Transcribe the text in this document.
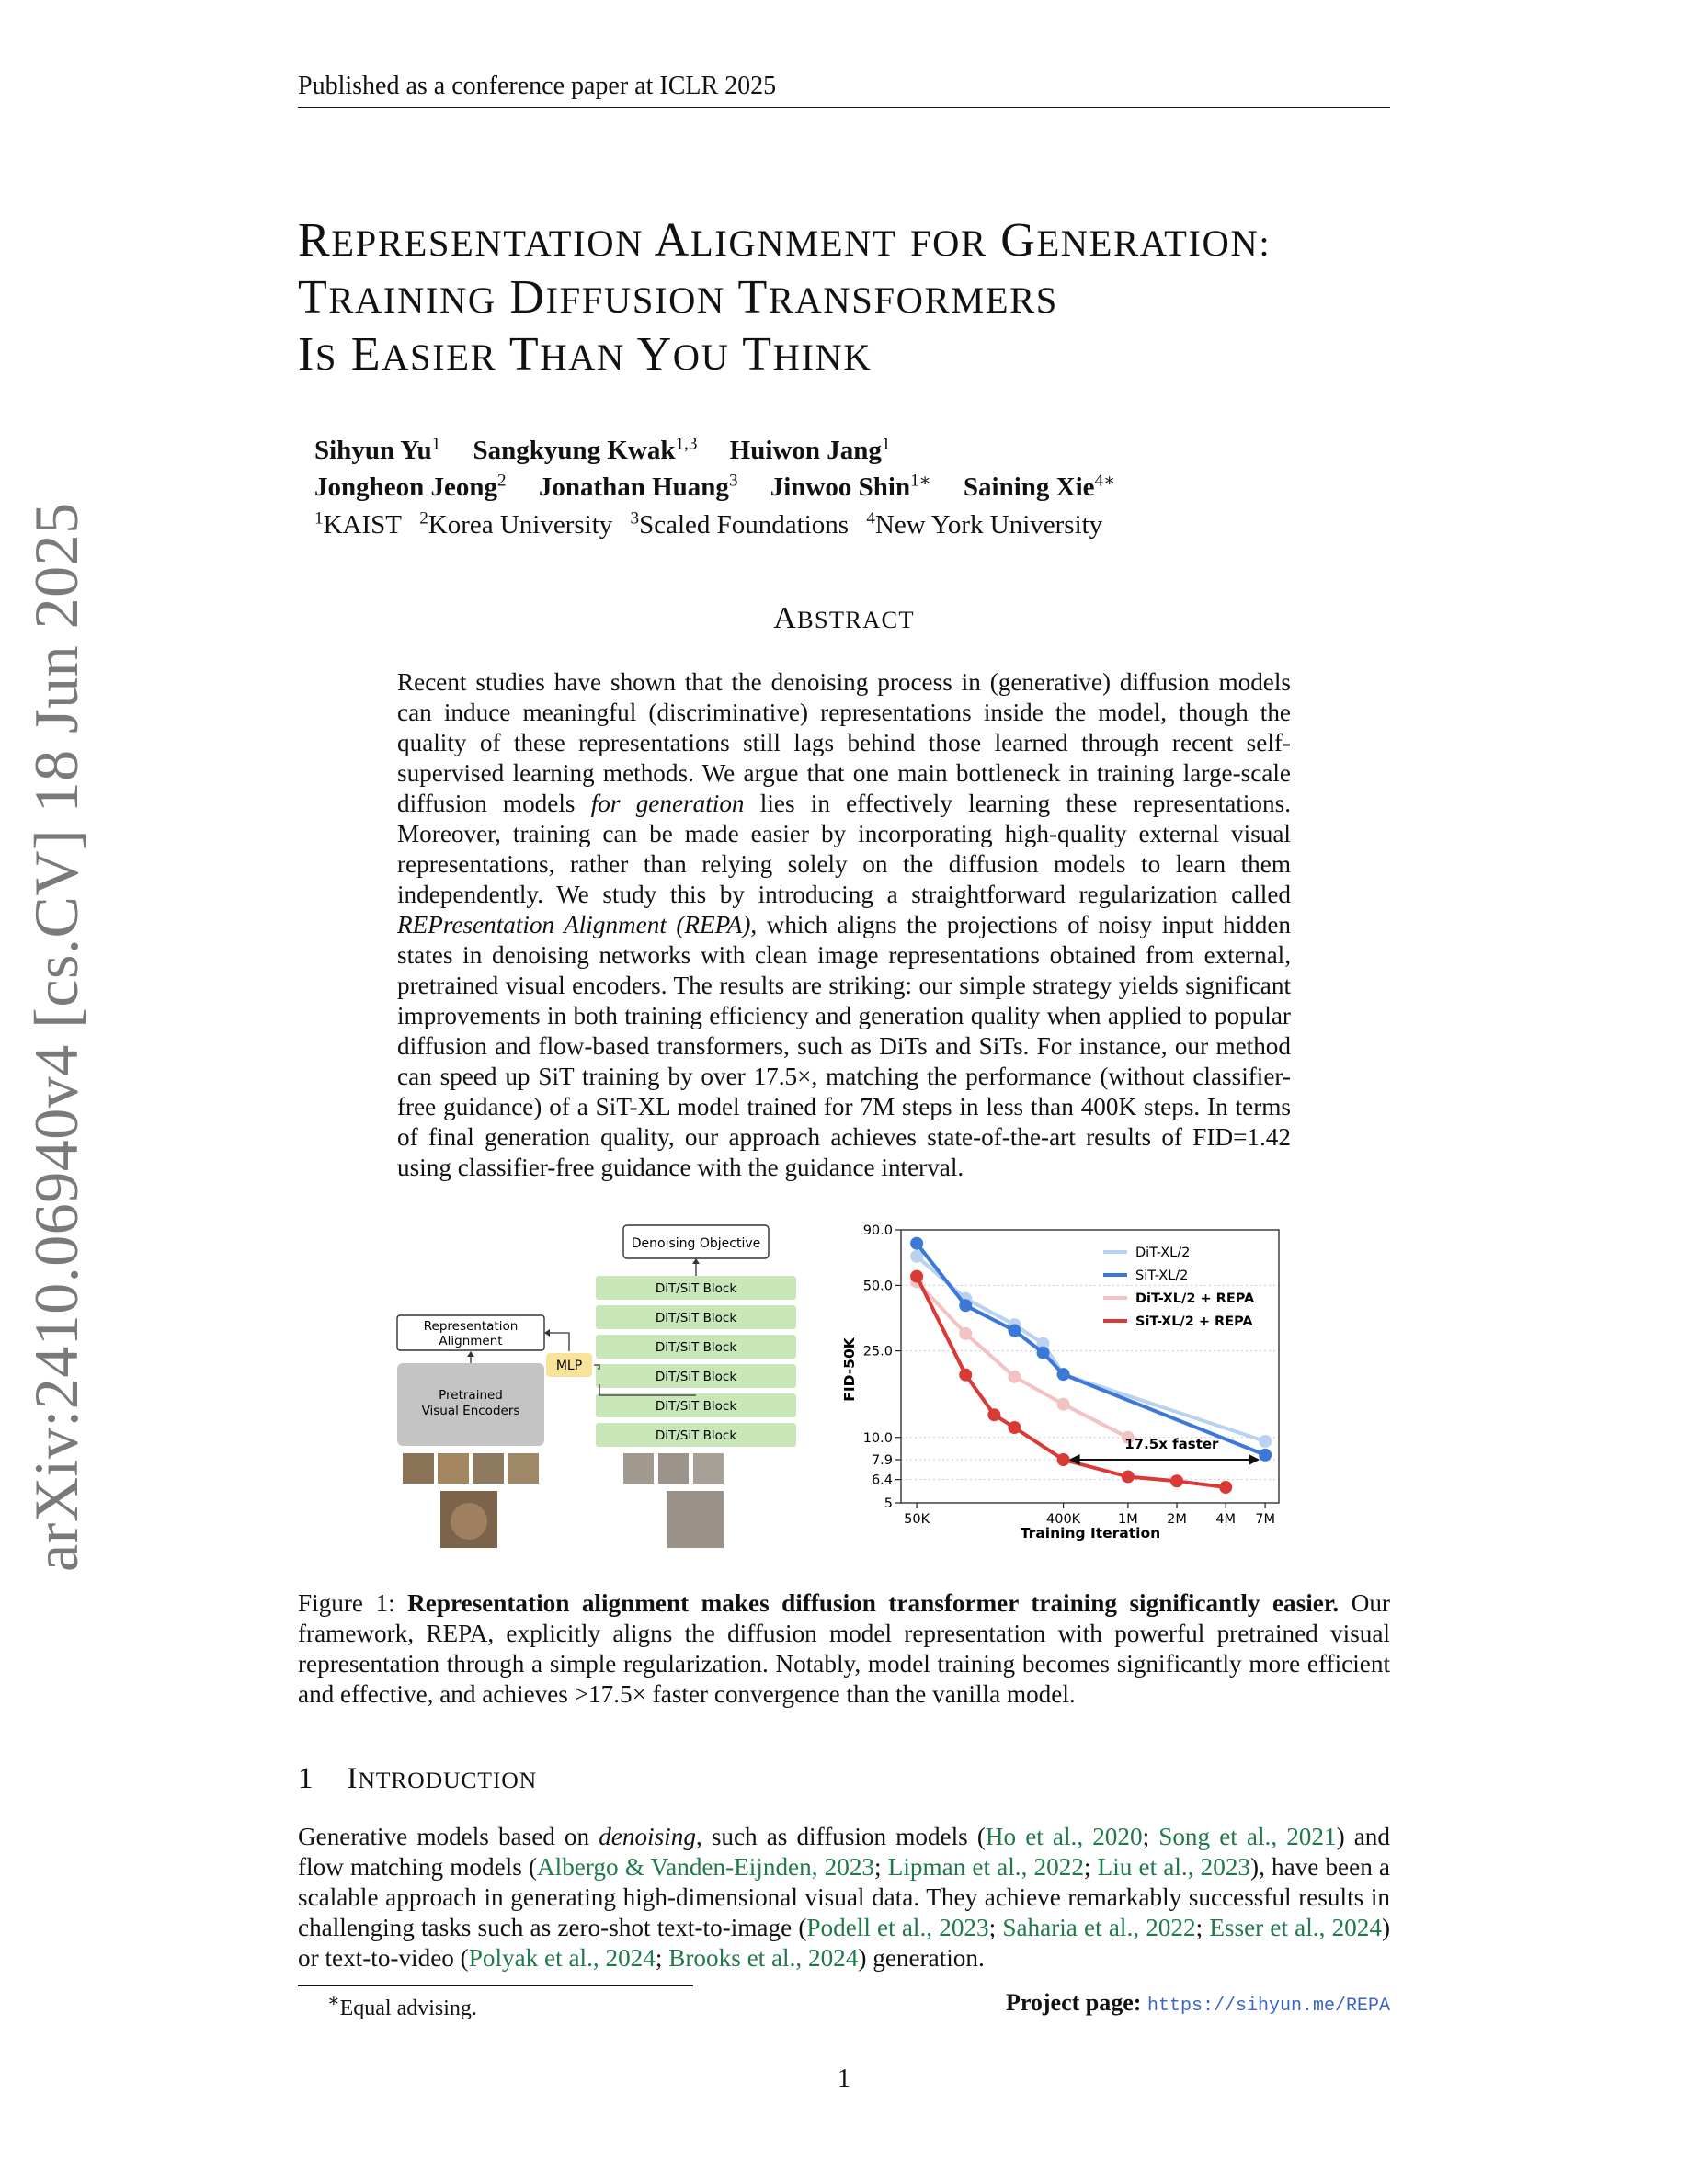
Published as a conference paper at ICLR 2025
arXiv:2410.06940v4 [cs.CV] 18 Jun 2025
REPRESENTATION ALIGNMENT FOR GENERATION:
TRAINING DIFFUSION TRANSFORMERS
IS EASIER THAN YOU THINK
Sihyun Yu$^1$ Sangkyung Kwak$^{1,3}$ Huiwon Jang$^1$
Jongheon Jeong$^2$ Jonathan Huang$^3$ Jinwoo Shin$^{1∗}$ Saining Xie$^{4∗}$
$^1$KAIST $^2$Korea University $^3$Scaled Foundations $^4$New York University
ABSTRACT
Recent studies have shown that the denoising process in (generative) diffusion models can induce meaningful (discriminative) representations inside the model, though the quality of these representations still lags behind those learned through recent self-supervised learning methods. We argue that one main bottleneck in training large-scale diffusion models for generation lies in effectively learning these representations. Moreover, training can be made easier by incorporating high-quality external visual representations, rather than relying solely on the diffusion models to learn them independently. We study this by introducing a straightforward regularization called REPresentation Alignment (REPA), which aligns the projections of noisy input hidden states in denoising networks with clean image representations obtained from external, pretrained visual encoders. The results are striking: our simple strategy yields significant improvements in both training efficiency and generation quality when applied to popular diffusion and flow-based transformers, such as DiTs and SiTs. For instance, our method can speed up SiT training by over 17.5×, matching the performance (without classifier-free guidance) of a SiT-XL model trained for 7M steps in less than 400K steps. In terms of final generation quality, our approach achieves state-of-the-art results of FID=1.42 using classifier-free guidance with the guidance interval.
Denoising Objective
DiT/SiT Block
DiT/SiT Block
DiT/SiT Block
DiT/SiT Block
DiT/SiT Block
DiT/SiT Block
Representation
Alignment
MLP
Pretrained
Visual Encoders
90.0
50.0
25.0
10.0
7.9
6.4
5
50K	400K	1M 2M 4M 7M
17.5x faster
Training Iteration
FID-50K
DiT-XL/2
SiT-XL/2
DiT-XL/2 + REPA
SiT-XL/2 + REPA
Figure 1: Representation alignment makes diffusion transformer training significantly easier. Our framework, REPA, explicitly aligns the diffusion model representation with powerful pretrained visual representation through a simple regularization. Notably, model training becomes significantly more efficient and effective, and achieves >17.5× faster convergence than the vanilla model.
1 INTRODUCTION
Generative models based on denoising, such as diffusion models (Ho et al., 2020; Song et al., 2021) and flow matching models (Albergo & Vanden-Eijnden, 2023; Lipman et al., 2022; Liu et al., 2023), have been a scalable approach in generating high-dimensional visual data. They achieve remarkably successful results in challenging tasks such as zero-shot text-to-image (Podell et al., 2023; Saharia et al., 2022; Esser et al., 2024) or text-to-video (Polyak et al., 2024; Brooks et al., 2024) generation.
∗Equal advising.	Project page: https://sihyun.me/REPA
1
